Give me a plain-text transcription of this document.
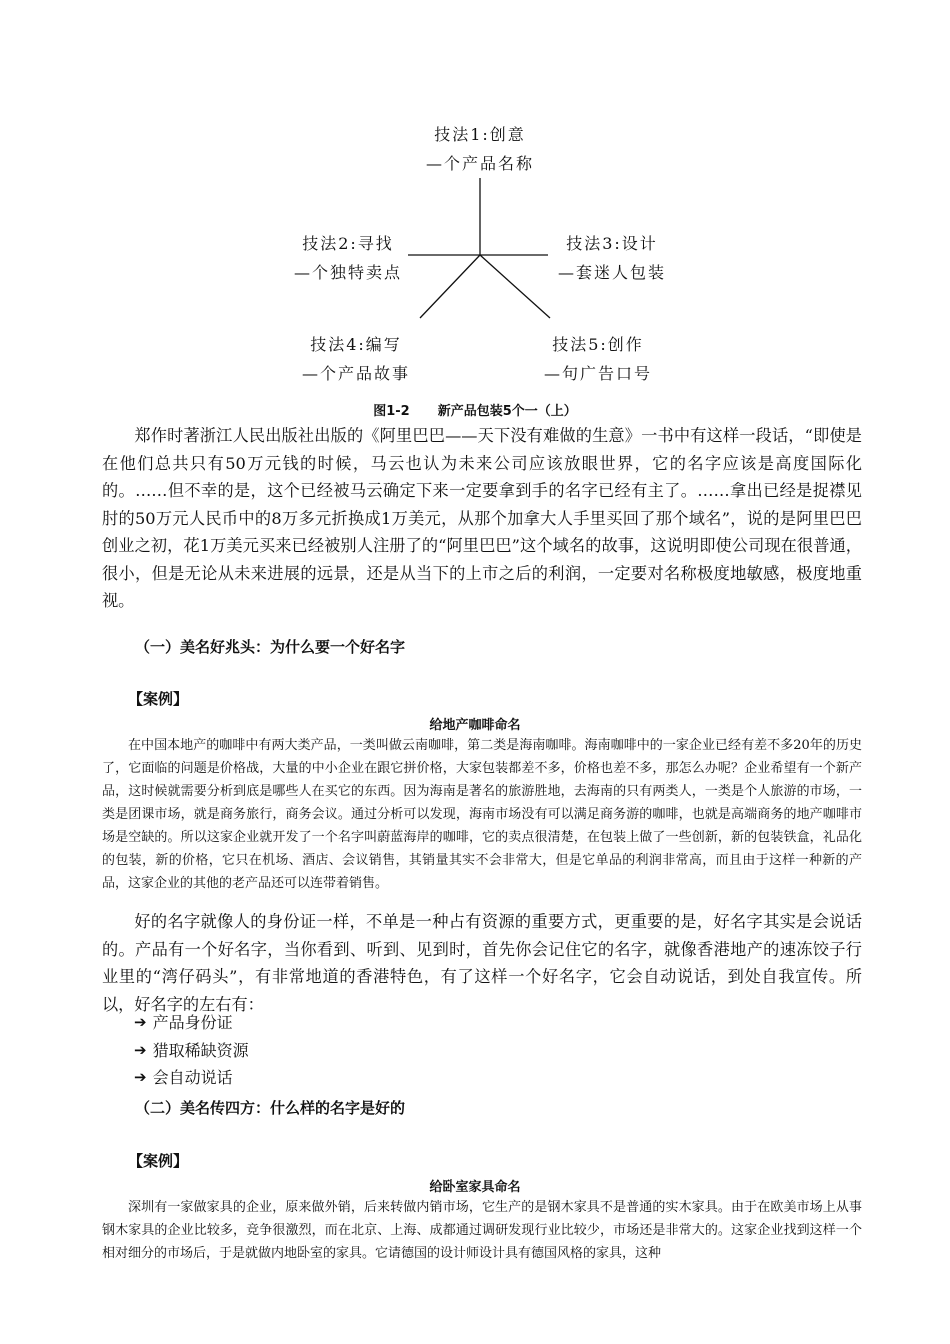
技法1:创意
—个产品名称
技法2:寻找
—个独特卖点
技法3:设计
—套迷人包装
技法4:编写
—个产品故事
技法5:创作
—句广告口号
图1-2 新产品包装5个一（上）

郑作时著浙江人民出版社出版的《阿里巴巴——天下没有难做的生意》一书中有这样一段话，“即使是在他们总共只有50万元钱的时候，马云也认为未来公司应该放眼世界，它的名字应该是高度国际化的。……但不幸的是，这个已经被马云确定下来一定要拿到手的名字已经有主了。……拿出已经是捉襟见肘的50万元人民币中的8万多元折换成1万美元，从那个加拿大人手里买回了那个域名”，说的是阿里巴巴创业之初，花1万美元买来已经被别人注册了的“阿里巴巴”这个域名的故事，这说明即使公司现在很普通，很小，但是无论从未来进展的远景，还是从当下的上市之后的利润，一定要对名称极度地敏感，极度地重视。

（一）美名好兆头：为什么要一个好名字
【案例】
给地产咖啡命名

在中国本地产的咖啡中有两大类产品，一类叫做云南咖啡，第二类是海南咖啡。海南咖啡中的一家企业已经有差不多20年的历史了，它面临的问题是价格战，大量的中小企业在跟它拼价格，大家包装都差不多，价格也差不多，那怎么办呢？企业希望有一个新产品，这时候就需要分析到底是哪些人在买它的东西。因为海南是著名的旅游胜地，去海南的只有两类人，一类是个人旅游的市场，一类是团课市场，就是商务旅行，商务会议。通过分析可以发现，海南市场没有可以满足商务游的咖啡，也就是高端商务的地产咖啡市场是空缺的。所以这家企业就开发了一个名字叫蔚蓝海岸的咖啡，它的卖点很清楚，在包装上做了一些创新，新的包装铁盒，礼品化的包装，新的价格，它只在机场、酒店、会议销售，其销量其实不会非常大，但是它单品的利润非常高，而且由于这样一种新的产品，这家企业的其他的老产品还可以连带着销售。

好的名字就像人的身份证一样，不单是一种占有资源的重要方式，更重要的是，好名字其实是会说话的。产品有一个好名字，当你看到、听到、见到时，首先你会记住它的名字，就像香港地产的速冻饺子行业里的“湾仔码头”，有非常地道的香港特色，有了这样一个好名字，它会自动说话，到处自我宣传。所以，好名字的左右有：

➔ 产品身份证
➔ 猎取稀缺资源
➔ 会自动说话
（二）美名传四方：什么样的名字是好的
【案例】
给卧室家具命名

深圳有一家做家具的企业，原来做外销，后来转做内销市场，它生产的是钢木家具不是普通的实木家具。由于在欧美市场上从事钢木家具的企业比较多，竞争很激烈，而在北京、上海、成都通过调研发现行业比较少，市场还是非常大的。这家企业找到这样一个相对细分的市场后，于是就做内地卧室的家具。它请德国的设计师设计具有德国风格的家具，这种
